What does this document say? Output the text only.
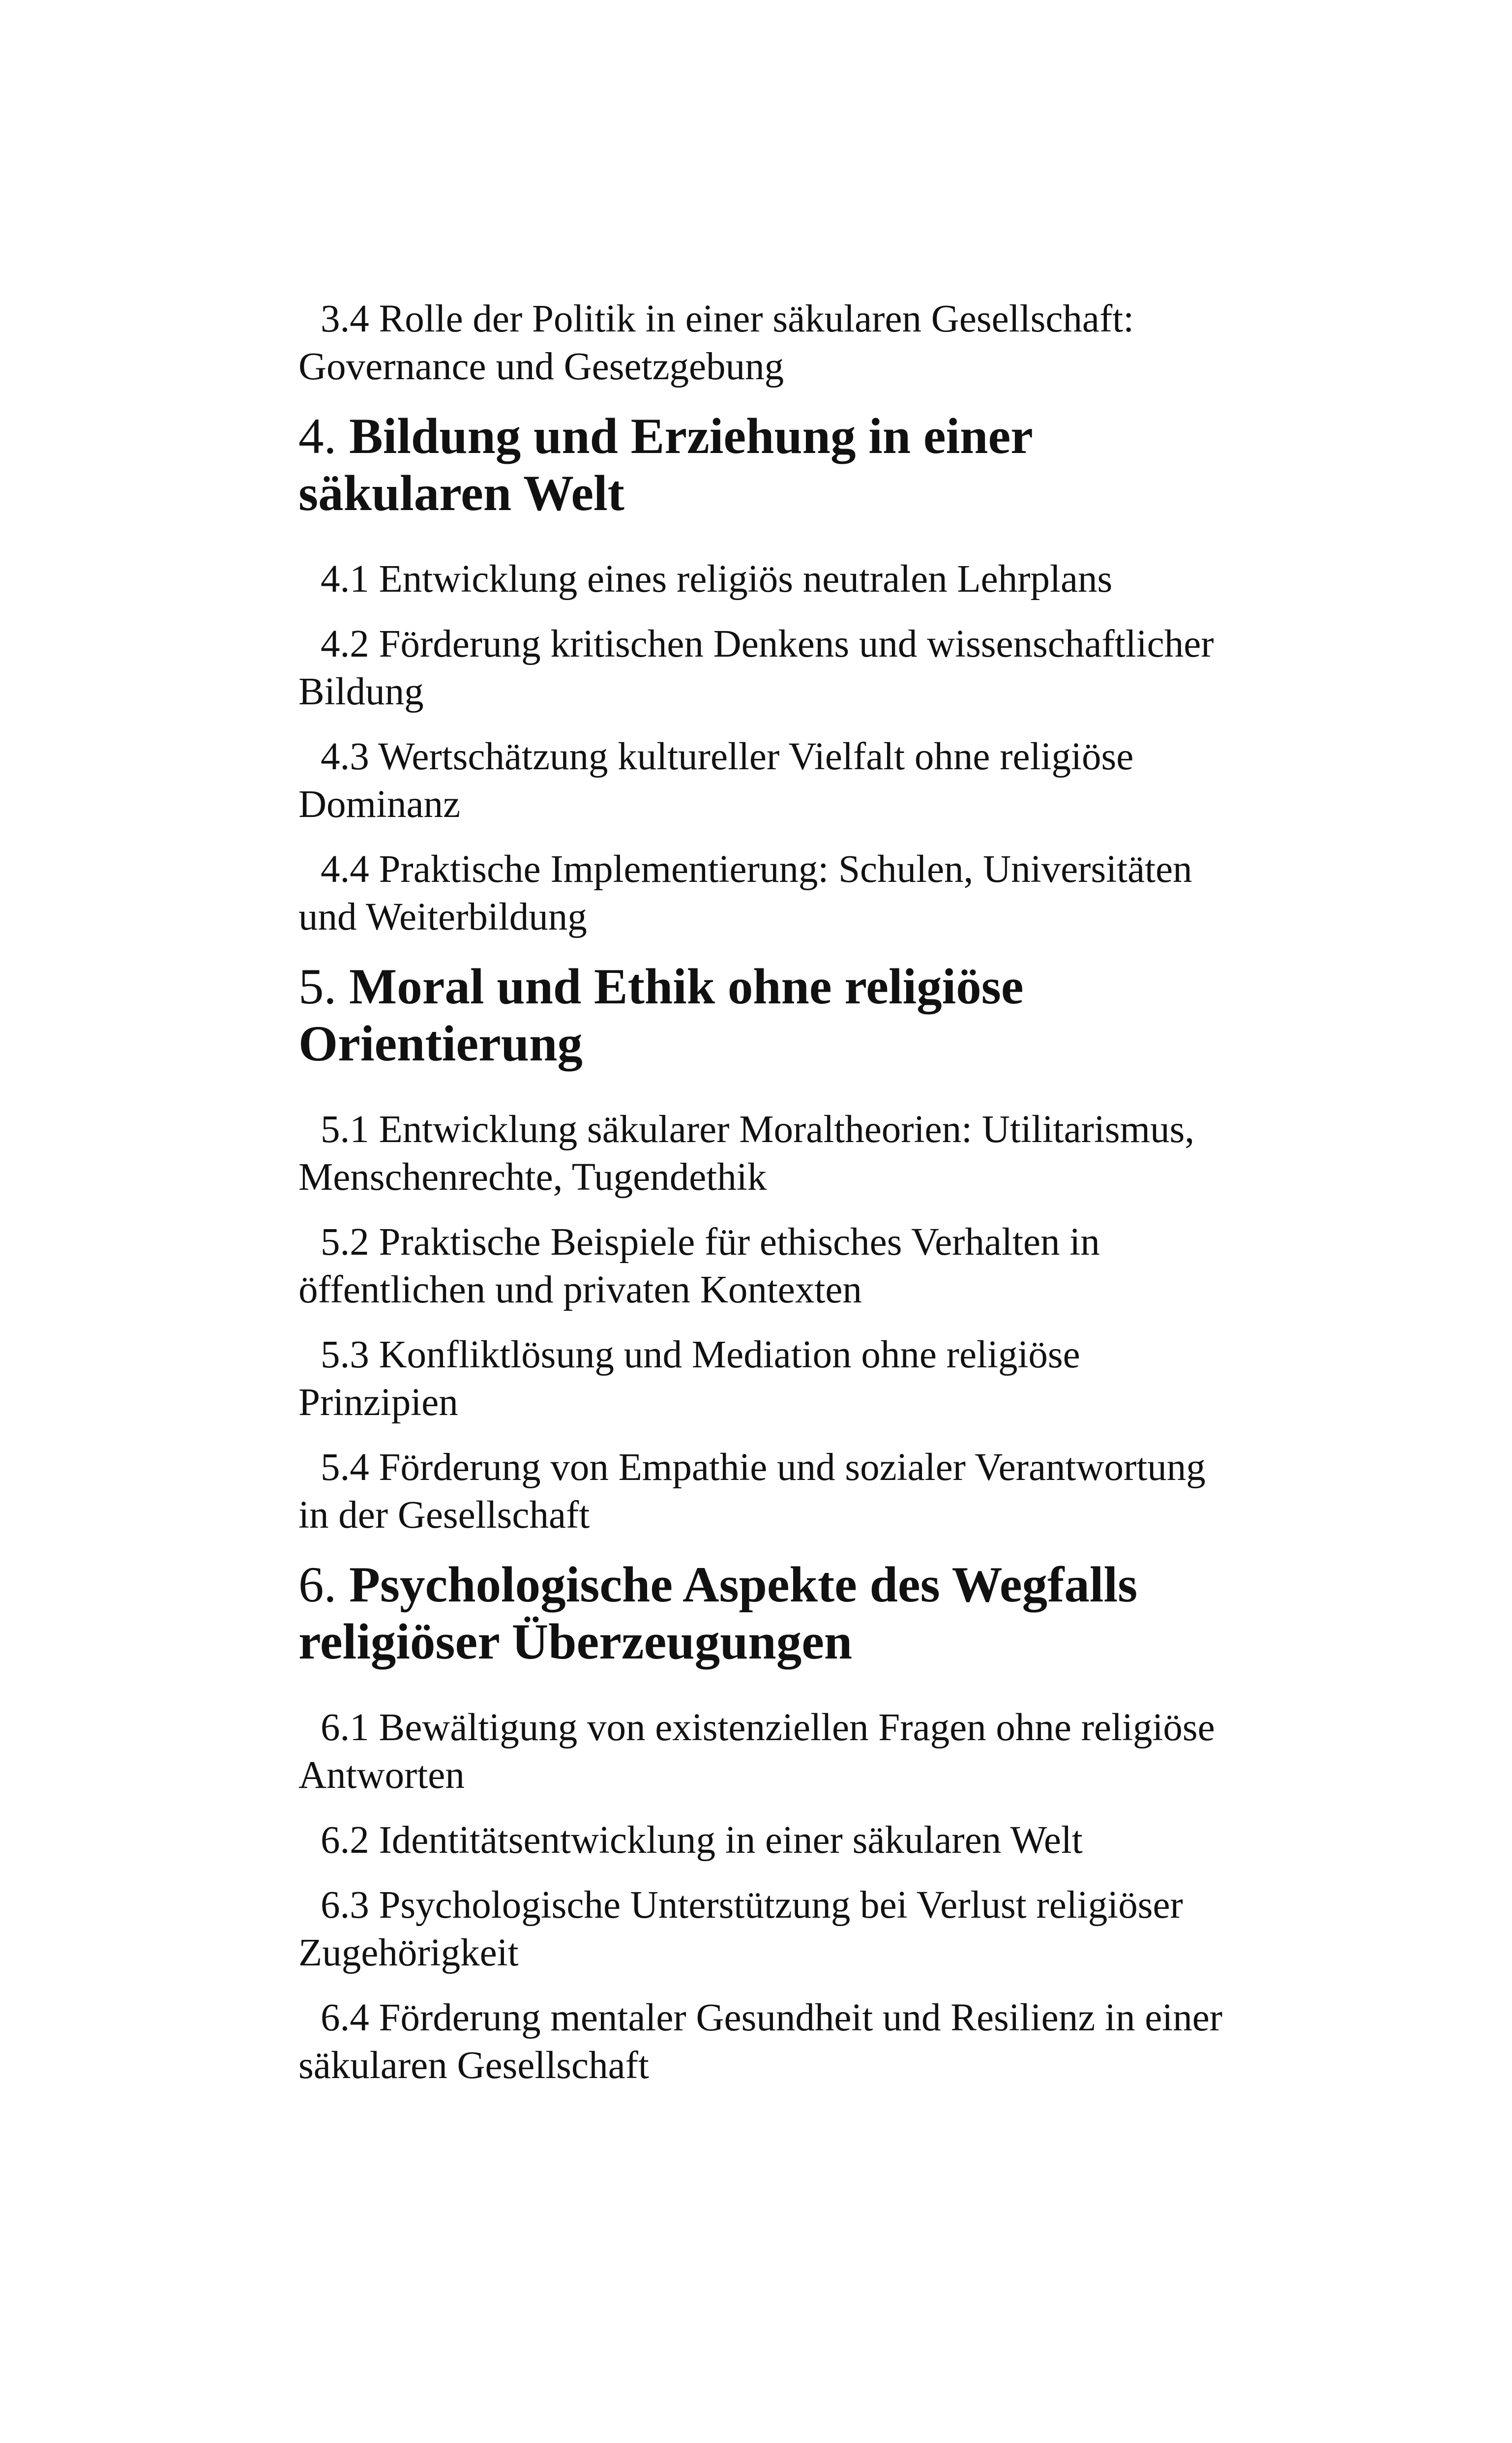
3.4 Rolle der Politik in einer säkularen Gesellschaft: Governance und Gesetzgebung

4. Bildung und Erziehung in einer säkularen Welt

4.1 Entwicklung eines religiös neutralen Lehrplans

4.2 Förderung kritischen Denkens und wissenschaftlicher Bildung

4.3 Wertschätzung kultureller Vielfalt ohne religiöse Dominanz

4.4 Praktische Implementierung: Schulen, Universitäten und Weiterbildung

5. Moral und Ethik ohne religiöse Orientierung

5.1 Entwicklung säkularer Moraltheorien: Utilitarismus, Menschenrechte, Tugendethik

5.2 Praktische Beispiele für ethisches Verhalten in öffentlichen und privaten Kontexten

5.3 Konfliktlösung und Mediation ohne religiöse Prinzipien

5.4 Förderung von Empathie und sozialer Verantwortung in der Gesellschaft

6. Psychologische Aspekte des Wegfalls religiöser Überzeugungen

6.1 Bewältigung von existenziellen Fragen ohne religiöse Antworten

6.2 Identitätsentwicklung in einer säkularen Welt

6.3 Psychologische Unterstützung bei Verlust religiöser Zugehörigkeit

6.4 Förderung mentaler Gesundheit und Resilienz in einer säkularen Gesellschaft
